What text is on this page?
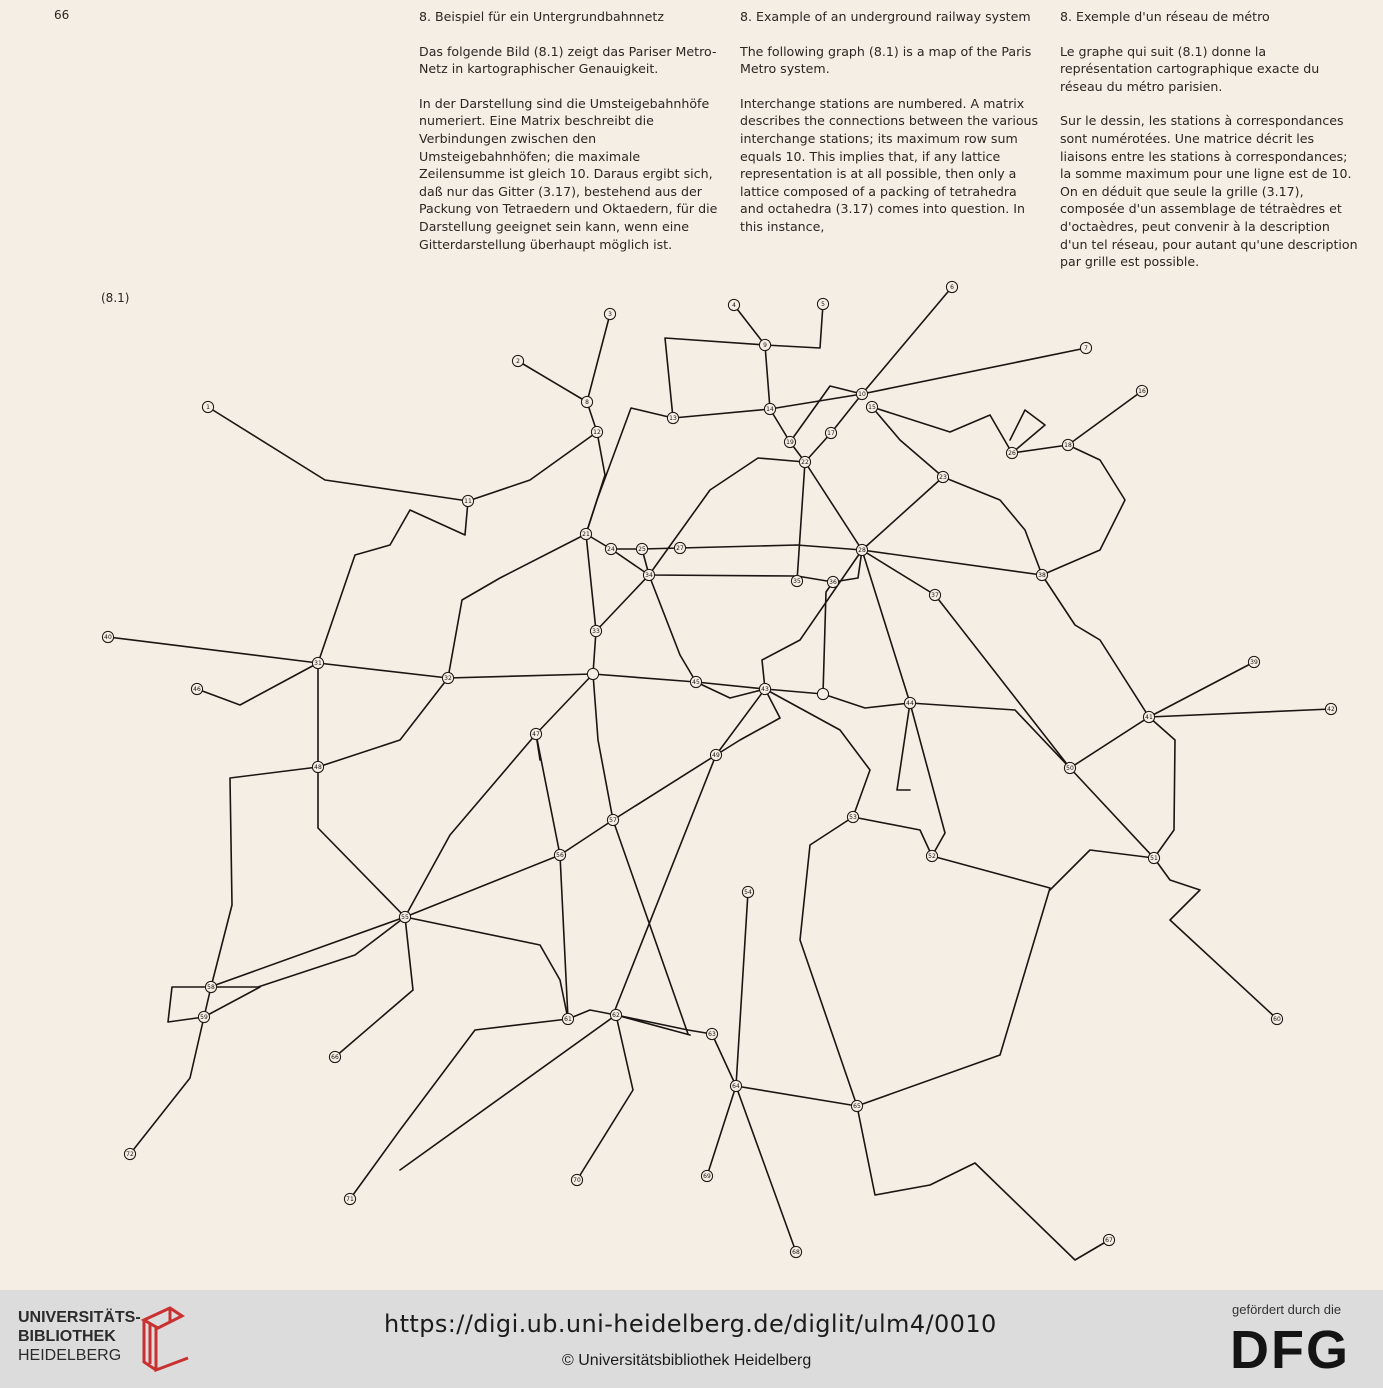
66	8. Beispiel für ein Untergrundbahnnetz

Das folgende Bild (8.1) zeigt das Pariser Metro-Netz in kartographischer Genauigkeit.

In der Darstellung sind die Umsteigebahnhöfe numeriert. Eine Matrix beschreibt die Verbindungen zwischen den Umsteigebahnhöfen; die maximale Zeilensumme ist gleich 10. Daraus ergibt sich, daß nur das Gitter (3.17), bestehend aus der Packung von Tetraedern und Oktaedern, für die Darstellung geeignet sein kann, wenn eine Gitterdarstellung überhaupt möglich ist.

8. Example of an underground railway system

The following graph (8.1) is a map of the Paris Metro system.

Interchange stations are numbered. A matrix describes the connections between the various interchange stations; its maximum row sum equals 10. This implies that, if any lattice representation is at all possible, then only a lattice composed of a packing of tetrahedra and octahedra (3.17) comes into question. In this instance,

8. Exemple d'un réseau de métro

Le graphe qui suit (8.1) donne la représentation cartographique exacte du réseau du métro parisien.

Sur le dessin, les stations à correspondances sont numérotées. Une matrice décrit les liaisons entre les stations à correspondances; la somme maximum pour une ligne est de 10. On en déduit que seule la grille (3.17), composée d'un assemblage de tétraèdres et d'octaèdres, peut convenir à la description d'un tel réseau, pour autant qu'une description par grille est possible.

(8.1)
1
2
3
4	5
6
7
8
9
10
11
12
13
14	15
16
17
18
19
21
22
23
24	25
26
27	28
31
32
33
34
35	36
37
38
39
40
41
42
43
44
45
46
47
48
49
50
51
52
53
54
55
56
57
58
59	60
61
62
63
64
65
66
67
68
69
70
71
72
UNIVERSITÄTS-
BIBLIOTHEK
HEIDELBERG
https://digi.ub.uni-heidelberg.de/diglit/ulm4/0010
© Universitätsbibliothek Heidelberg
gefördert durch die
DFG
